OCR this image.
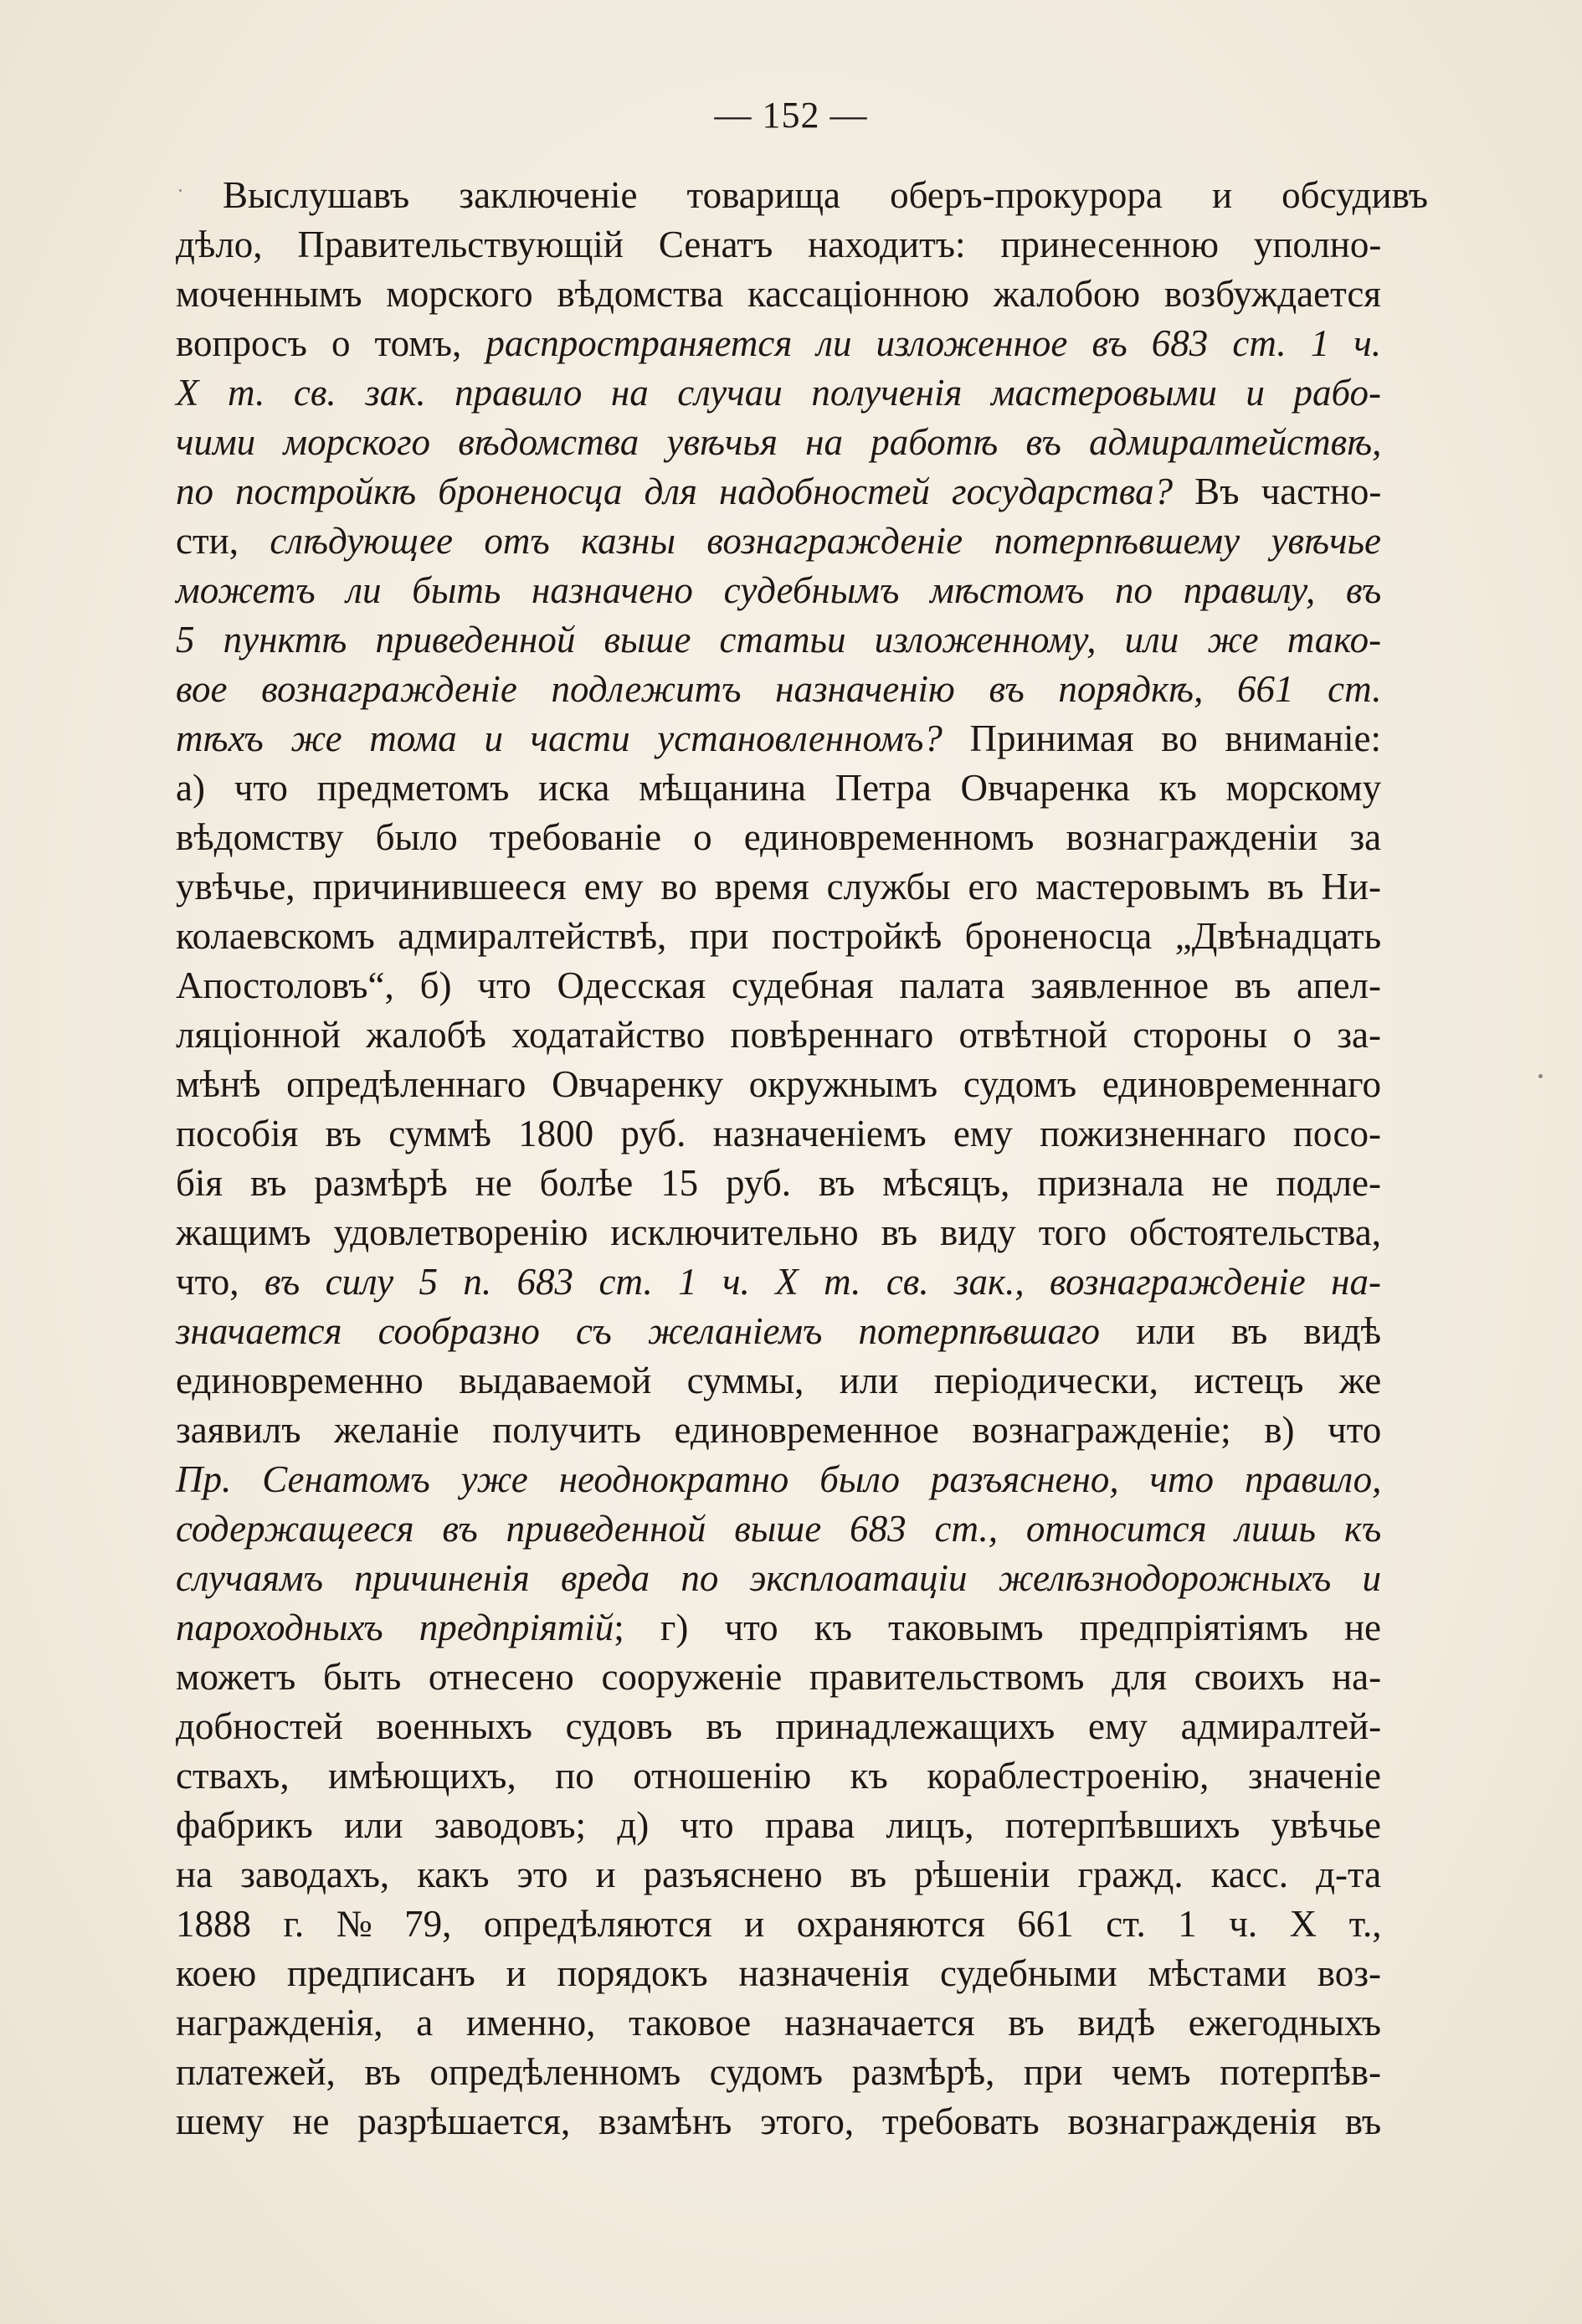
— 152 —
Выслушавъ заключеніе товарища оберъ-прокурора и обсудивъ
дѣло, Правительствующій Сенатъ находитъ: принесенною уполно-
моченнымъ морского вѣдомства кассаціонною жалобою возбуждается
вопросъ о томъ, распространяется ли изложенное въ 683 ст. 1 ч.
X т. св. зак. правило на случаи полученія мастеровыми и рабо-
чими морского вѣдомства увѣчья на работѣ въ адмиралтействѣ,
по постройкѣ броненосца для надобностей государства? Въ частно-
сти, слѣдующее отъ казны вознагражденіе потерпѣвшему увѣчье
можетъ ли быть назначено судебнымъ мѣстомъ по правилу, въ
5 пунктѣ приведенной выше статьи изложенному, или же тако-
вое вознагражденіе подлежитъ назначенію въ порядкѣ, 661 ст.
тѣхъ же тома и части установленномъ? Принимая во вниманіе:
а) что предметомъ иска мѣщанина Петра Овчаренка къ морскому
вѣдомству было требованіе о единовременномъ вознагражденіи за
увѣчье, причинившееся ему во время службы его мастеровымъ въ Ни-
колаевскомъ адмиралтействѣ, при постройкѣ броненосца „Двѣнадцать
Апостоловъ“, б) что Одесская судебная палата заявленное въ апел-
ляціонной жалобѣ ходатайство повѣреннаго отвѣтной стороны о за-
мѣнѣ опредѣленнаго Овчаренку окружнымъ судомъ единовременнаго
пособія въ суммѣ 1800 руб. назначеніемъ ему пожизненнаго посо-
бія въ размѣрѣ не болѣе 15 руб. въ мѣсяцъ, признала не подле-
жащимъ удовлетворенію исключительно въ виду того обстоятельства,
что, въ силу 5 п. 683 ст. 1 ч. X т. св. зак., вознагражденіе на-
значается сообразно съ желаніемъ потерпѣвшаго или въ видѣ
единовременно выдаваемой суммы, или періодически, истецъ же
заявилъ желаніе получить единовременное вознагражденіе; в) что
Пр. Сенатомъ уже неоднократно было разъяснено, что правило,
содержащееся въ приведенной выше 683 ст., относится лишь къ
случаямъ причиненія вреда по эксплоатаціи желѣзнодорожныхъ и
пароходныхъ предпріятій; г) что къ таковымъ предпріятіямъ не
можетъ быть отнесено сооруженіе правительствомъ для своихъ на-
добностей военныхъ судовъ въ принадлежащихъ ему адмиралтей-
ствахъ, имѣющихъ, по отношенію къ кораблестроенію, значеніе
фабрикъ или заводовъ; д) что права лицъ, потерпѣвшихъ увѣчье
на заводахъ, какъ это и разъяснено въ рѣшеніи гражд. касс. д-та
1888 г. № 79, опредѣляются и охраняются 661 ст. 1 ч. X т.,
коею предписанъ и порядокъ назначенія судебными мѣстами воз-
награжденія, а именно, таковое назначается въ видѣ ежегодныхъ
платежей, въ опредѣленномъ судомъ размѣрѣ, при чемъ потерпѣв-
шему не разрѣшается, взамѣнъ этого, требовать вознагражденія въ
